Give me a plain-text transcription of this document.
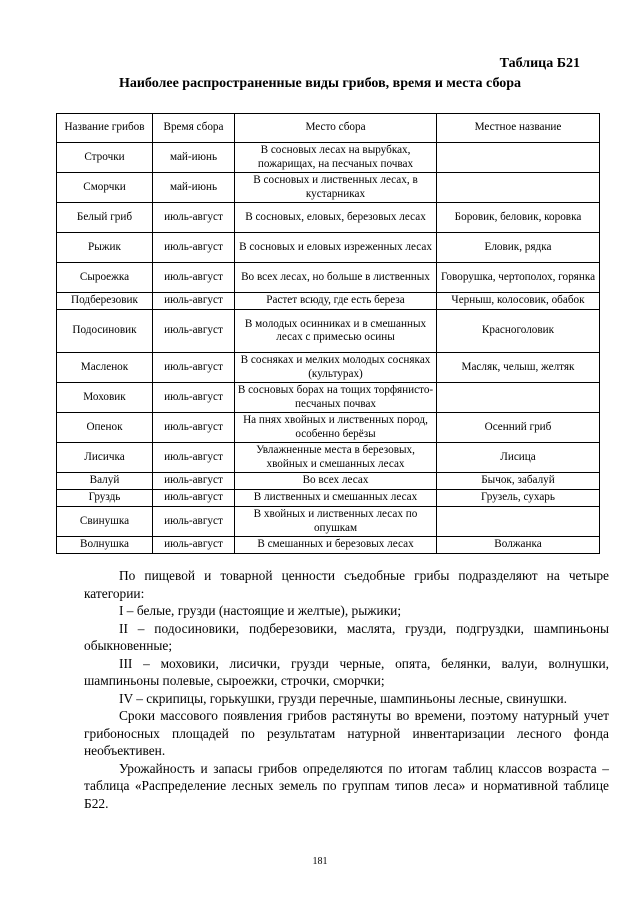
Таблица Б21
Наиболее распространенные виды грибов, время и места сбора
Название грибов	Время сбора	Место сбора	Местное название
Строчки	май-июнь	В сосновых лесах на вырубках, пожарищах, на песчаных почвах	
Сморчки	май-июнь	В сосновых и лиственных лесах, в кустарниках	
Белый гриб	июль-август	В сосновых, еловых, березовых лесах	Боровик, беловик, коровка
Рыжик	июль-август	В сосновых и еловых изреженных лесах	Еловик, рядка
Сыроежка	июль-август	Во всех лесах, но больше в лиственных	Говорушка, чертополох, горянка
Подберезовик	июль-август	Растет всюду, где есть береза	Черныш, колосовик, обабок
Подосиновик	июль-август	В молодых осинниках и в смешанных лесах с примесью осины	Красноголовик
Масленок	июль-август	В сосняках и мелких молодых сосняках (культурах)	Масляк, челыш, желтяк
Моховик	июль-август	В сосновых борах на тощих торфянисто-песчаных почвах	
Опенок	июль-август	На пнях хвойных и лиственных пород, особенно берёзы	Осенний гриб
Лисичка	июль-август	Увлажненные места в березовых, хвойных и смешанных лесах	Лисица
Валуй	июль-август	Во всех лесах	Бычок, забалуй
Груздь	июль-август	В лиственных и смешанных лесах	Грузель, сухарь
Свинушка	июль-август	В хвойных и лиственных лесах по опушкам	
Волнушка	июль-август	В смешанных и березовых лесах	Волжанка

По пищевой и товарной ценности съедобные грибы подразделяют на четыре категории:

I – белые, грузди (настоящие и желтые), рыжики;

II – подосиновики, подберезовики, маслята, грузди, подгруздки, шампиньоны обыкновенные;

III – моховики, лисички, грузди черные, опята, белянки, валуи, волнушки, шампиньоны полевые, сыроежки, строчки, сморчки;

IV – скрипицы, горькушки, грузди перечные, шампиньоны лесные, свинушки.

Сроки массового появления грибов растянуты во времени, поэтому натурный учет грибоносных площадей по результатам натурной инвентаризации лесного фонда необъективен.

Урожайность и запасы грибов определяются по итогам таблиц классов возраста – таблица «Распределение лесных земель по группам типов леса» и нормативной таблице Б22.

181
